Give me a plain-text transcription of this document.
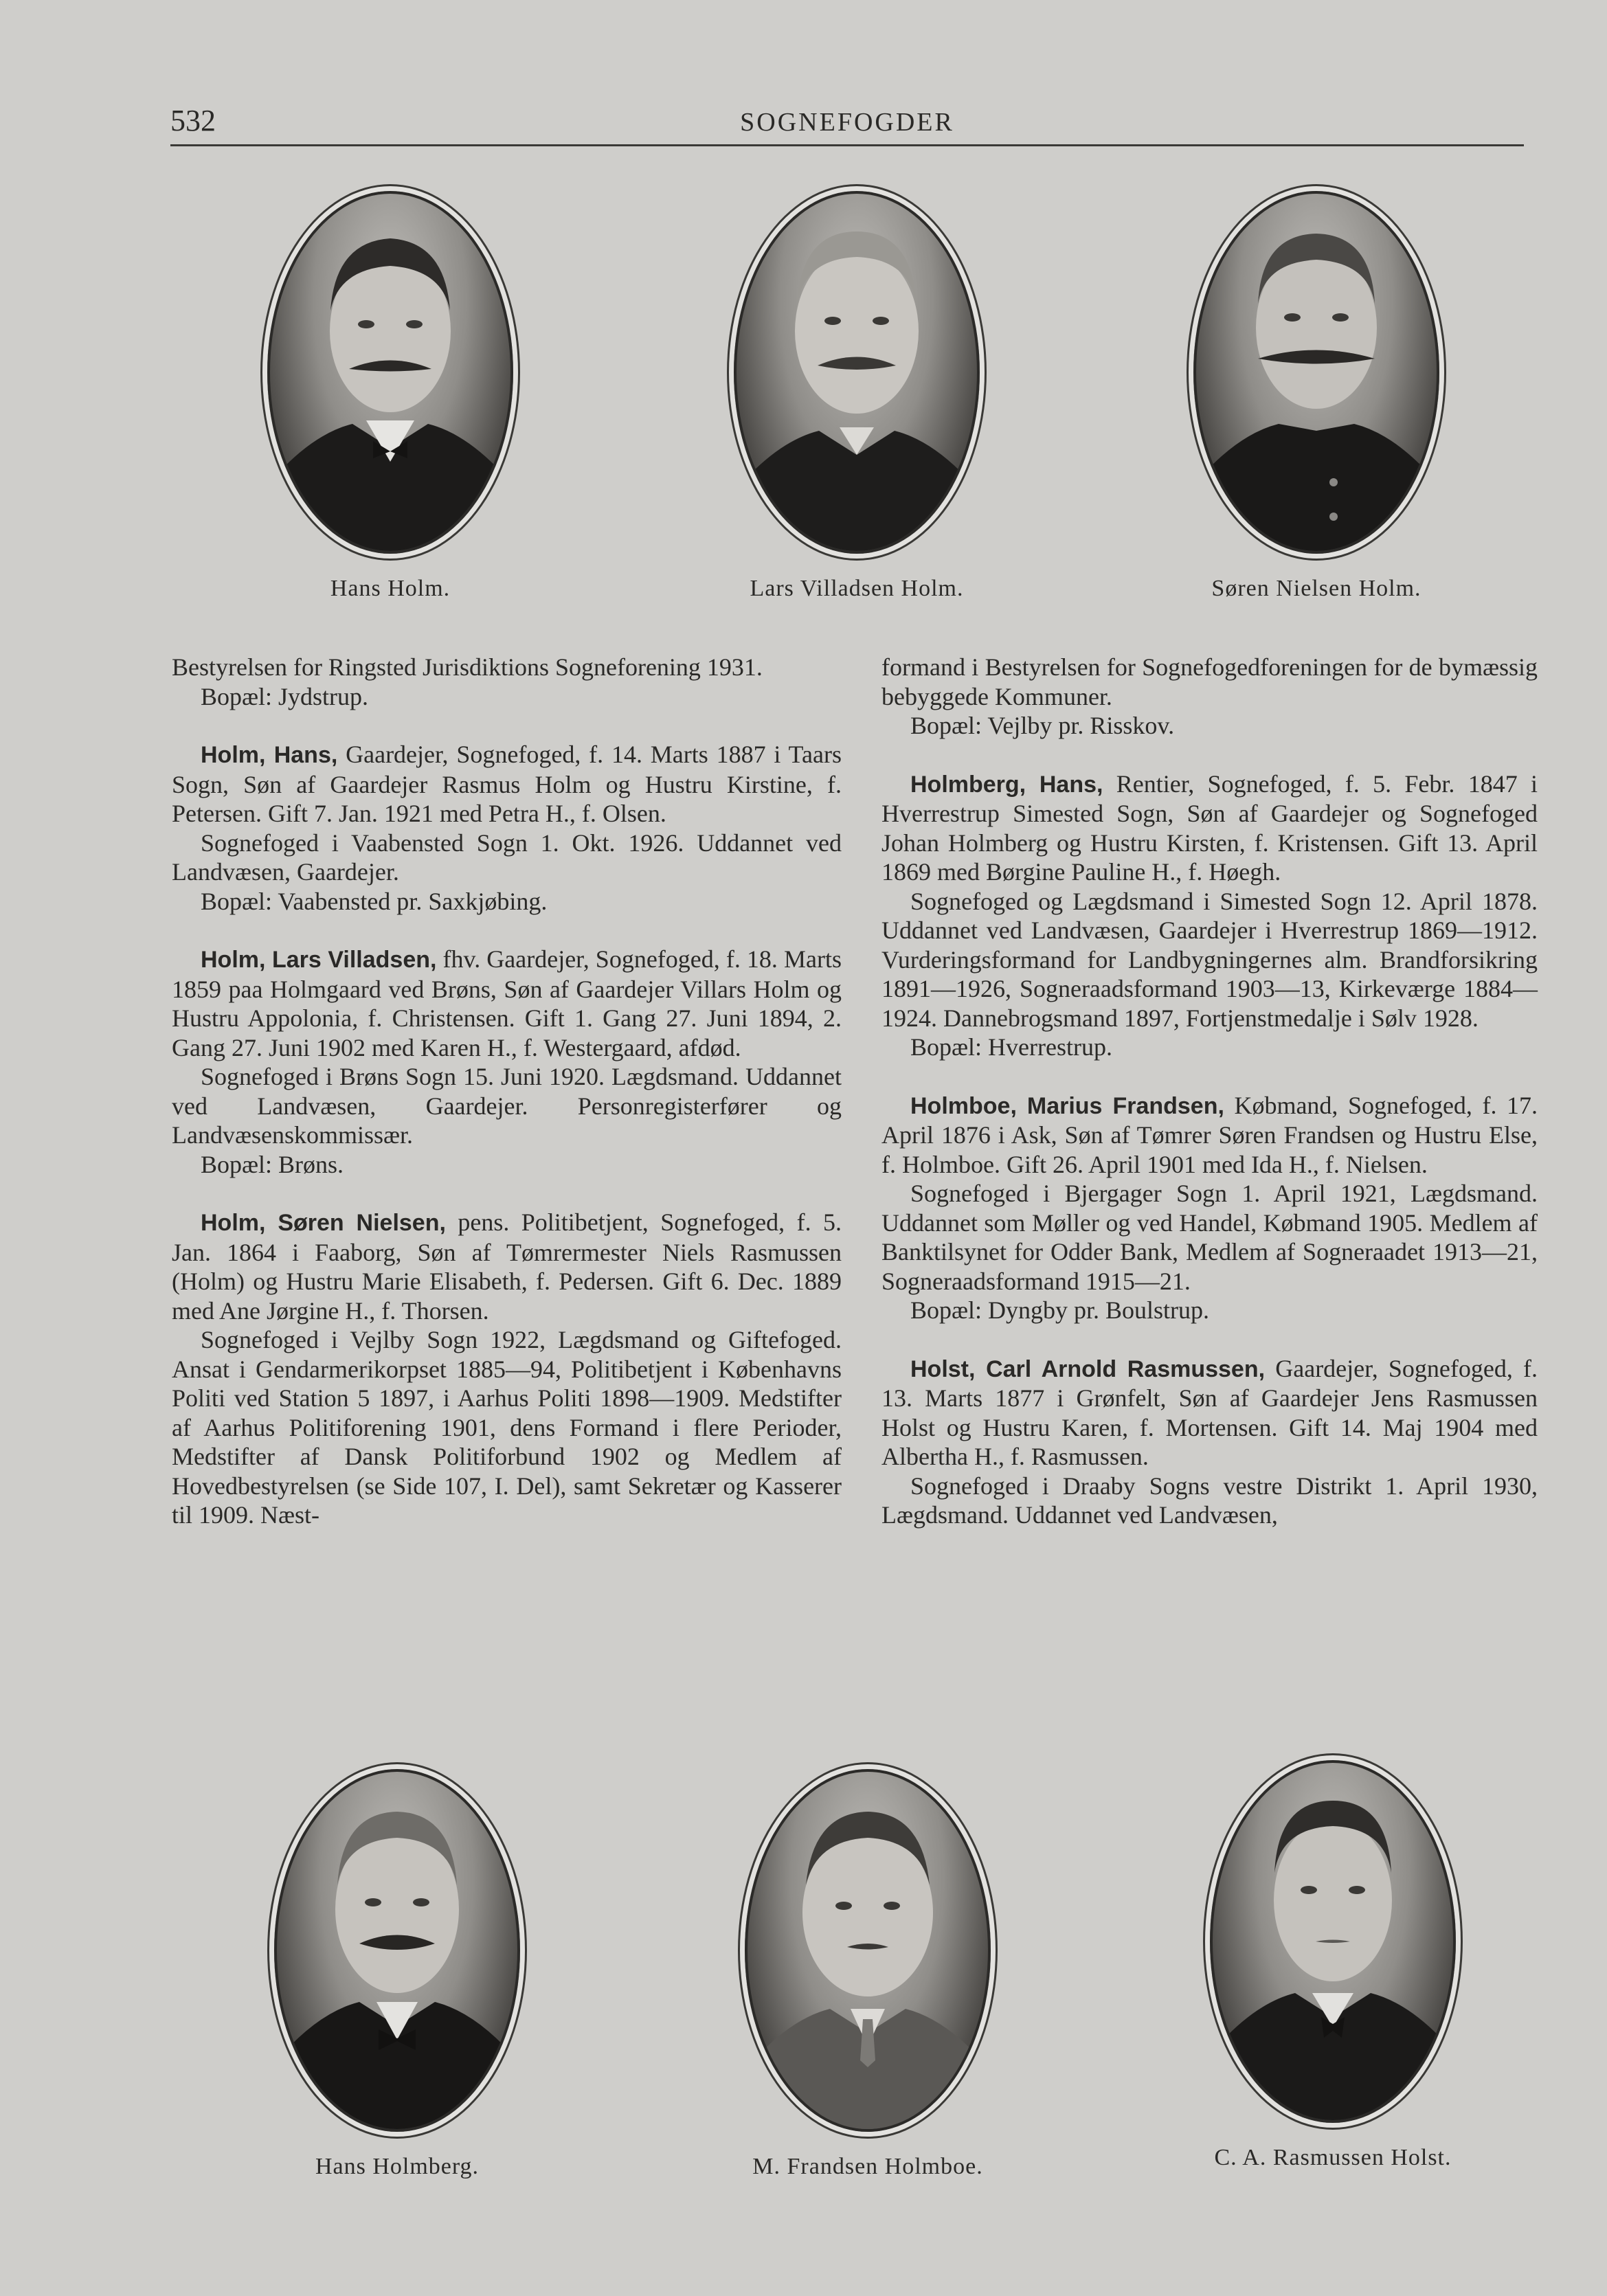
532	SOGNEFOGDER
Hans Holm.	Lars Villadsen Holm.	Søren Nielsen Holm.

Bestyrelsen for Ringsted Jurisdiktions Sogneforening 1931.

Bopæl: Jydstrup.

Holm, Hans, Gaardejer, Sognefoged, f. 14. Marts 1887 i Taars Sogn, Søn af Gaardejer Rasmus Holm og Hustru Kirstine, f. Petersen. Gift 7. Jan. 1921 med Petra H., f. Olsen.

Sognefoged i Vaabensted Sogn 1. Okt. 1926. Uddannet ved Landvæsen, Gaardejer.

Bopæl: Vaabensted pr. Saxkjøbing.

Holm, Lars Villadsen, fhv. Gaardejer, Sognefoged, f. 18. Marts 1859 paa Holmgaard ved Brøns, Søn af Gaardejer Villars Holm og Hustru Appolonia, f. Christensen. Gift 1. Gang 27. Juni 1894, 2. Gang 27. Juni 1902 med Karen H., f. Westergaard, afdød.

Sognefoged i Brøns Sogn 15. Juni 1920. Lægdsmand. Uddannet ved Landvæsen, Gaardejer. Personregisterfører og Landvæsenskommissær.

Bopæl: Brøns.

Holm, Søren Nielsen, pens. Politibetjent, Sognefoged, f. 5. Jan. 1864 i Faaborg, Søn af Tømrermester Niels Rasmussen (Holm) og Hustru Marie Elisabeth, f. Pedersen. Gift 6. Dec. 1889 med Ane Jørgine H., f. Thorsen.

Sognefoged i Vejlby Sogn 1922, Lægdsmand og Giftefoged. Ansat i Gendarmerikorpset 1885—94, Politibetjent i Københavns Politi ved Station 5 1897, i Aarhus Politi 1898—1909. Medstifter af Aarhus Politiforening 1901, dens Formand i flere Perioder, Medstifter af Dansk Politiforbund 1902 og Medlem af Hovedbestyrelsen (se Side 107, I. Del), samt Sekretær og Kasserer til 1909. Næst-

formand i Bestyrelsen for Sognefogedforeningen for de bymæssig bebyggede Kommuner.

Bopæl: Vejlby pr. Risskov.

Holmberg, Hans, Rentier, Sognefoged, f. 5. Febr. 1847 i Hverrestrup Simested Sogn, Søn af Gaardejer og Sognefoged Johan Holmberg og Hustru Kirsten, f. Kristensen. Gift 13. April 1869 med Børgine Pauline H., f. Høegh.

Sognefoged og Lægdsmand i Simested Sogn 12. April 1878. Uddannet ved Landvæsen, Gaardejer i Hverrestrup 1869—1912. Vurderingsformand for Landbygningernes alm. Brandforsikring 1891—1926, Sogneraadsformand 1903—13, Kirkeværge 1884—1924. Dannebrogsmand 1897, Fortjenstmedalje i Sølv 1928.

Bopæl: Hverrestrup.

Holmboe, Marius Frandsen, Købmand, Sognefoged, f. 17. April 1876 i Ask, Søn af Tømrer Søren Frandsen og Hustru Else, f. Holmboe. Gift 26. April 1901 med Ida H., f. Nielsen.

Sognefoged i Bjergager Sogn 1. April 1921, Lægdsmand. Uddannet som Møller og ved Handel, Købmand 1905. Medlem af Banktilsynet for Odder Bank, Medlem af Sogneraadet 1913—21, Sogneraadsformand 1915—21.

Bopæl: Dyngby pr. Boulstrup.

Holst, Carl Arnold Rasmussen, Gaardejer, Sognefoged, f. 13. Marts 1877 i Grønfelt, Søn af Gaardejer Jens Rasmussen Holst og Hustru Karen, f. Mortensen. Gift 14. Maj 1904 med Albertha H., f. Rasmussen.

Sognefoged i Draaby Sogns vestre Distrikt 1. April 1930, Lægdsmand. Uddannet ved Landvæsen,

Hans Holmberg.	M. Frandsen Holmboe.	C. A. Rasmussen Holst.
